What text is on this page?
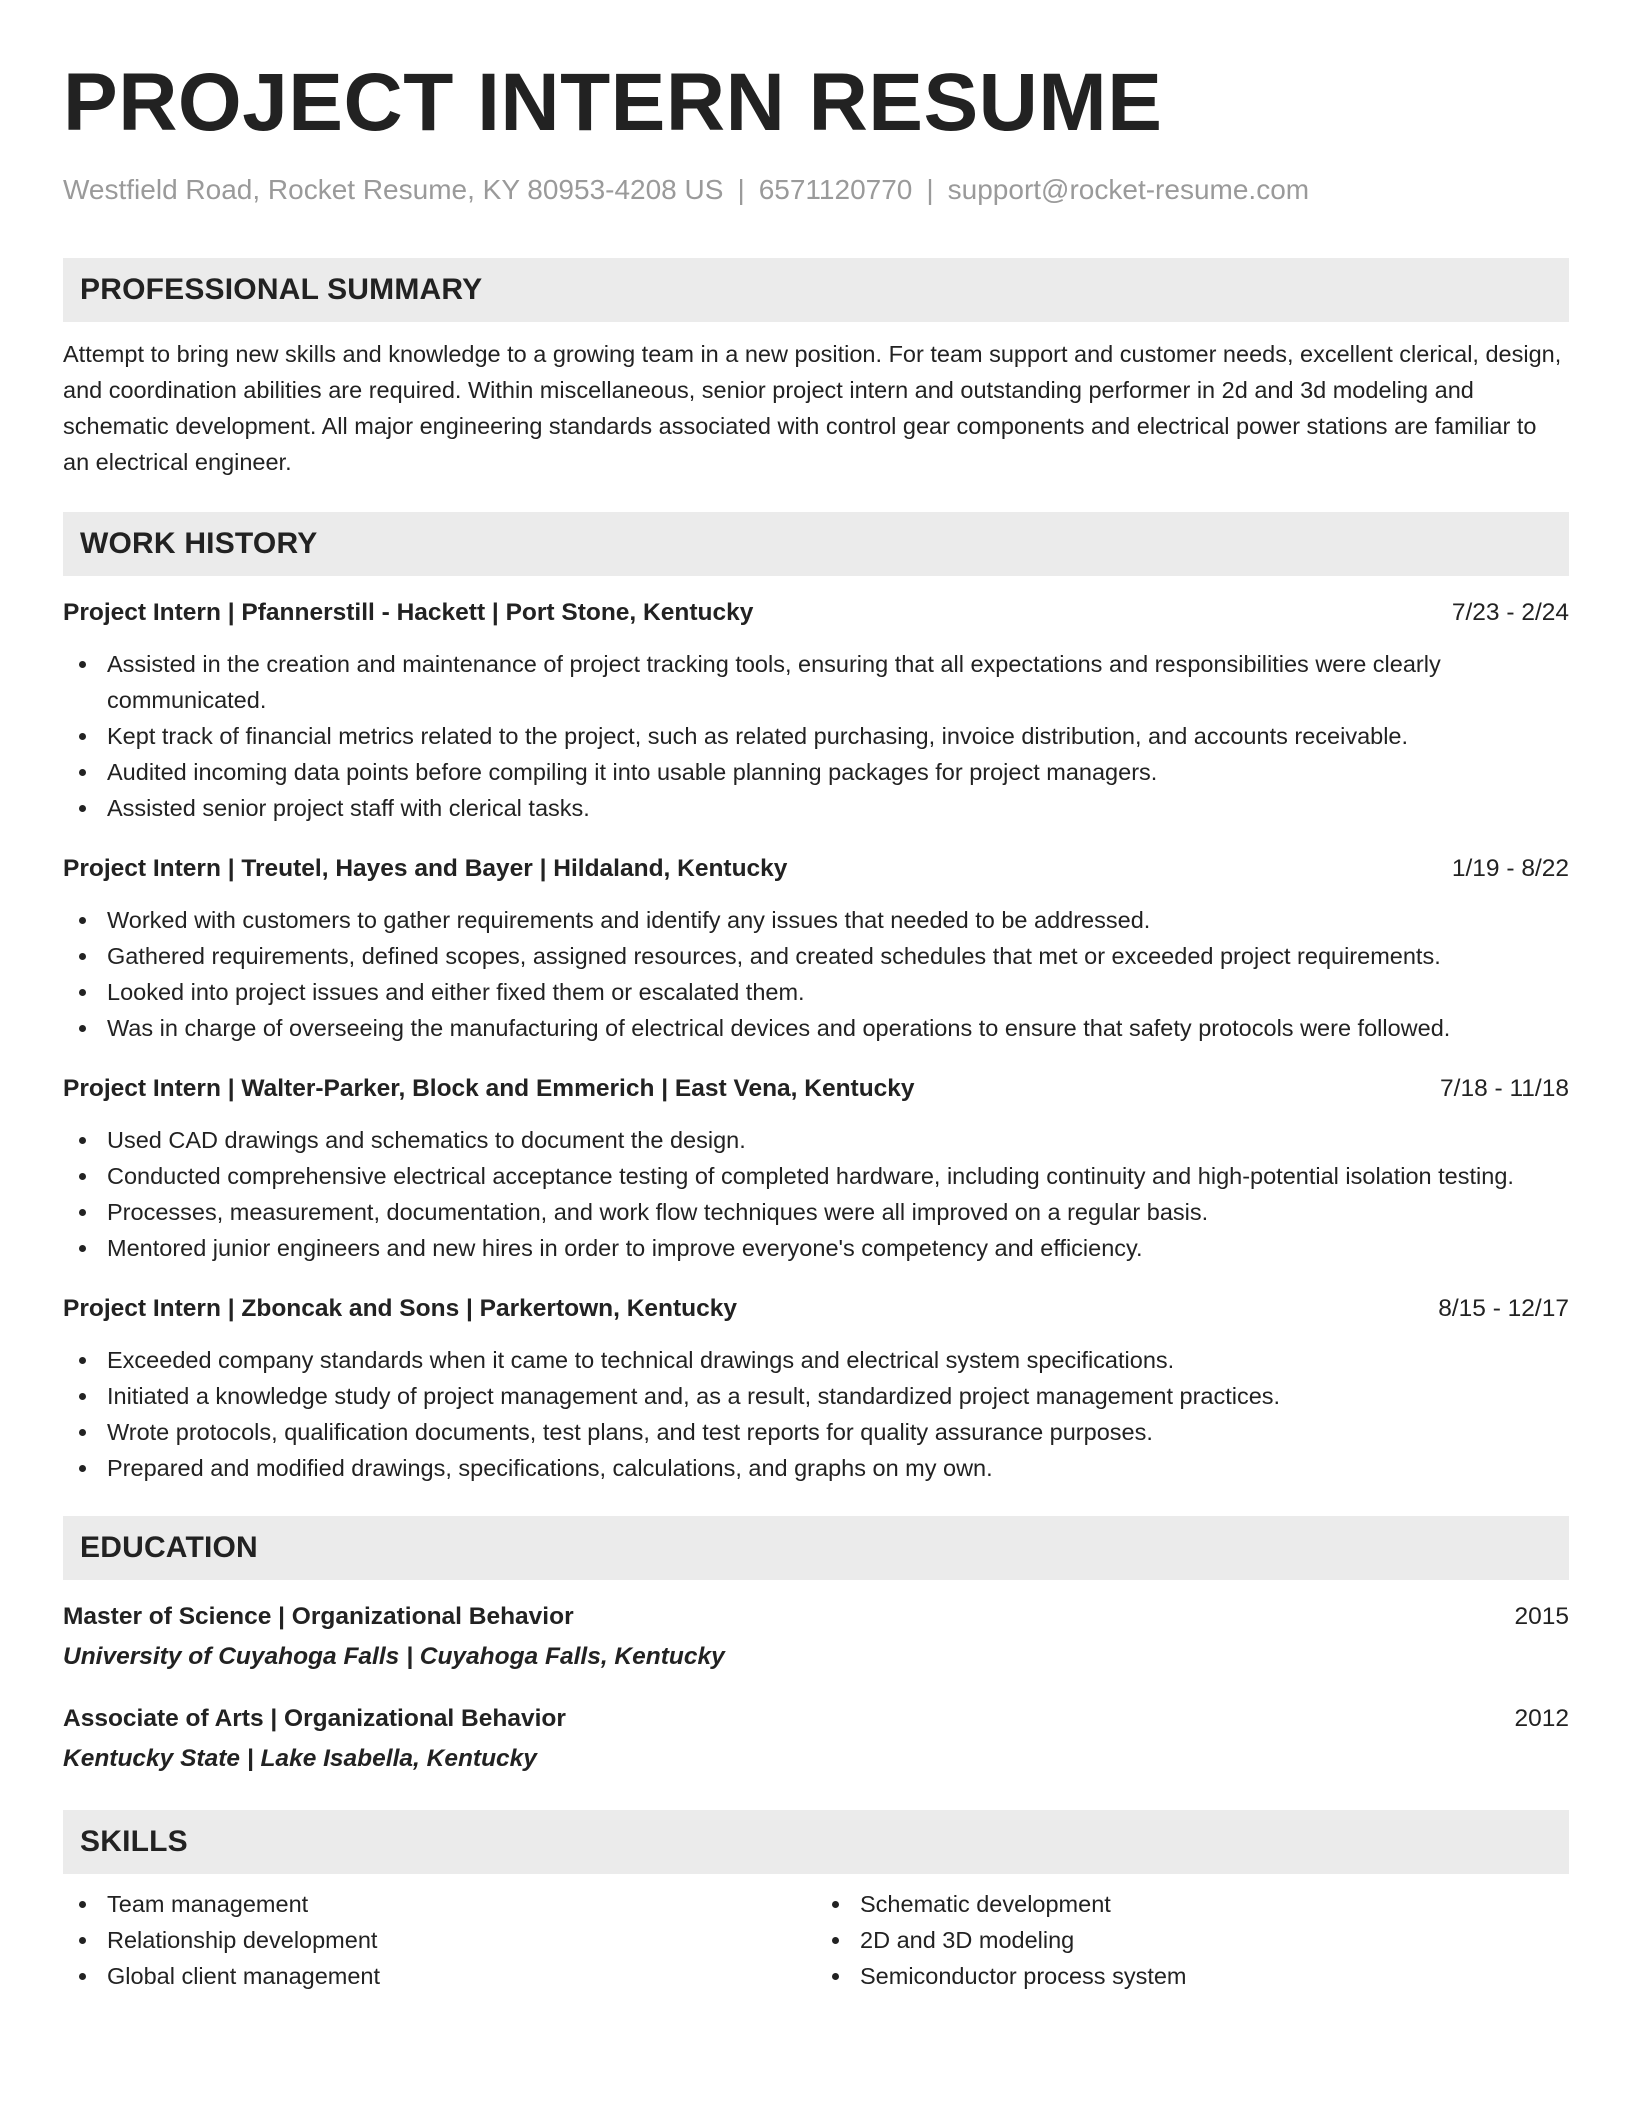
PROJECT INTERN RESUME
Westfield Road, Rocket Resume, KY 80953-4208 US | 6571120770 | support@rocket-resume.com
PROFESSIONAL SUMMARY

Attempt to bring new skills and knowledge to a growing team in a new position. For team support and customer needs, excellent clerical, design, and coordination abilities are required. Within miscellaneous, senior project intern and outstanding performer in 2d and 3d modeling and schematic development. All major engineering standards associated with control gear components and electrical power stations are familiar to an electrical engineer.

WORK HISTORY
Project Intern | Pfannerstill - Hackett | Port Stone, Kentucky	7/23 - 2/24
Assisted in the creation and maintenance of project tracking tools, ensuring that all expectations and responsibilities were clearly communicated.
Kept track of financial metrics related to the project, such as related purchasing, invoice distribution, and accounts receivable.
Audited incoming data points before compiling it into usable planning packages for project managers.
Assisted senior project staff with clerical tasks.
Project Intern | Treutel, Hayes and Bayer | Hildaland, Kentucky	1/19 - 8/22
Worked with customers to gather requirements and identify any issues that needed to be addressed.
Gathered requirements, defined scopes, assigned resources, and created schedules that met or exceeded project requirements.
Looked into project issues and either fixed them or escalated them.
Was in charge of overseeing the manufacturing of electrical devices and operations to ensure that safety protocols were followed.
Project Intern | Walter-Parker, Block and Emmerich | East Vena, Kentucky	7/18 - 11/18
Used CAD drawings and schematics to document the design.
Conducted comprehensive electrical acceptance testing of completed hardware, including continuity and high-potential isolation testing.
Processes, measurement, documentation, and work flow techniques were all improved on a regular basis.
Mentored junior engineers and new hires in order to improve everyone's competency and efficiency.
Project Intern | Zboncak and Sons | Parkertown, Kentucky	8/15 - 12/17
Exceeded company standards when it came to technical drawings and electrical system specifications.
Initiated a knowledge study of project management and, as a result, standardized project management practices.
Wrote protocols, qualification documents, test plans, and test reports for quality assurance purposes.
Prepared and modified drawings, specifications, calculations, and graphs on my own.
EDUCATION
Master of Science | Organizational Behavior	2015
University of Cuyahoga Falls | Cuyahoga Falls, Kentucky
Associate of Arts | Organizational Behavior	2012
Kentucky State | Lake Isabella, Kentucky
SKILLS
Team management
Relationship development
Global client management
Schematic development
2D and 3D modeling
Semiconductor process system
